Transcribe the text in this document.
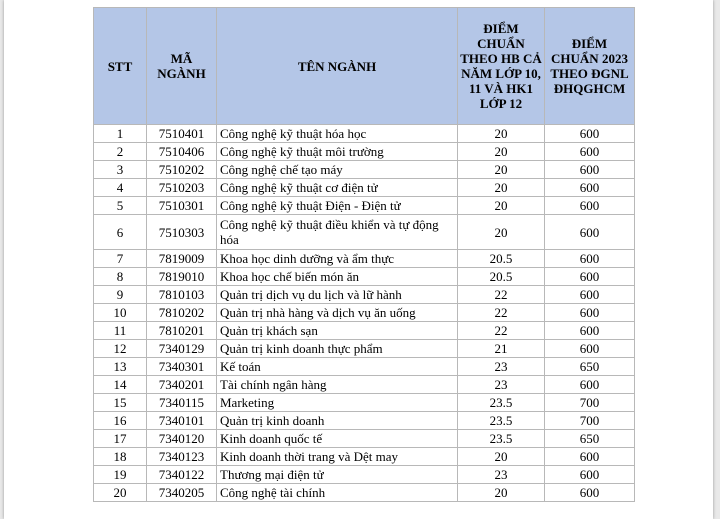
STT	MÃ NGÀNH	TÊN NGÀNH	ĐIỂM CHUẨN THEO HB CẢ NĂM LỚP 10, 11 VÀ HK1 LỚP 12	ĐIỂM CHUẨN 2023 THEO ĐGNL ĐHQGHCM
1	7510401	Công nghệ kỹ thuật hóa học	20	600
2	7510406	Công nghệ kỹ thuật môi trường	20	600
3	7510202	Công nghệ chế tạo máy	20	600
4	7510203	Công nghệ kỹ thuật cơ điện tử	20	600
5	7510301	Công nghệ kỹ thuật Điện - Điện tử	20	600
6	7510303	Công nghệ kỹ thuật điều khiển và tự động hóa	20	600
7	7819009	Khoa học dinh dưỡng và ẩm thực	20.5	600
8	7819010	Khoa học chế biến món ăn	20.5	600
9	7810103	Quản trị dịch vụ du lịch và lữ hành	22	600
10	7810202	Quản trị nhà hàng và dịch vụ ăn uống	22	600
11	7810201	Quản trị khách sạn	22	600
12	7340129	Quản trị kinh doanh thực phẩm	21	600
13	7340301	Kế toán	23	650
14	7340201	Tài chính ngân hàng	23	600
15	7340115	Marketing	23.5	700
16	7340101	Quản trị kinh doanh	23.5	700
17	7340120	Kinh doanh quốc tế	23.5	650
18	7340123	Kinh doanh thời trang và Dệt may	20	600
19	7340122	Thương mại điện tử	23	600
20	7340205	Công nghệ tài chính	20	600
